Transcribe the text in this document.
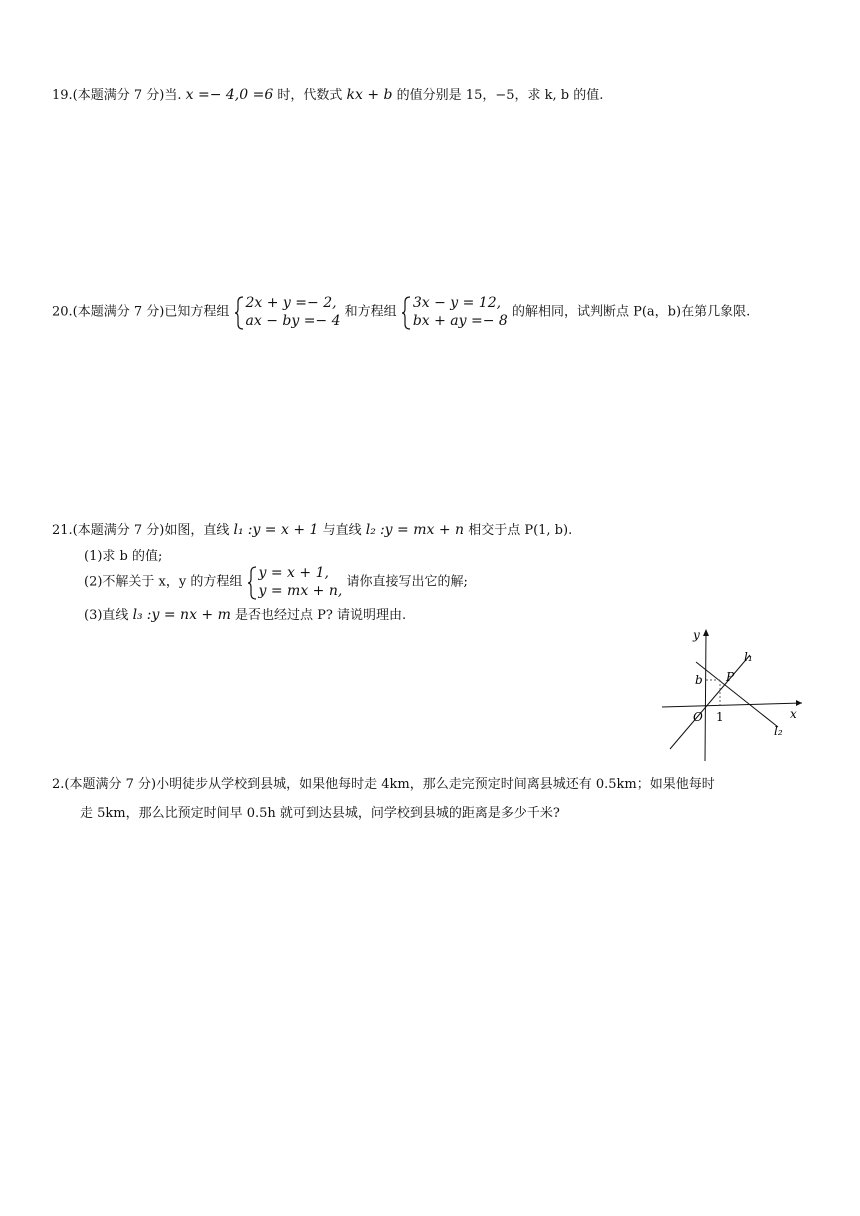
19.(本题满分 7 分)当. x =− 4,0 =6 时，代数式 kx + b 的值分别是 15，−5，求 k, b 的值.
20.(本题满分 7 分)已知方程组
2x + y =− 2,
ax − by =− 4
和方程组
3x − y = 12,
bx + ay =− 8
的解相同，试判断点 P(a，b)在第几象限.
21.(本题满分 7 分)如图，直线 l₁ :y = x + 1 与直线 l₂ :y = mx + n 相交于点 P(1, b).
(1)求 b 的值;
(2)不解关于 x，y 的方程组
y = x + 1,
y = mx + n,
请你直接写出它的解;
(3)直线 l₃ :y = nx + m 是否也经过点 P? 请说明理由.
y
x
O 1
b P
l₁
l₂
2.(本题满分 7 分)小明徒步从学校到县城，如果他每时走 4km，那么走完预定时间离县城还有 0.5km；如果他每时
走 5km，那么比预定时间早 0.5h 就可到达县城，问学校到县城的距离是多少千米?
